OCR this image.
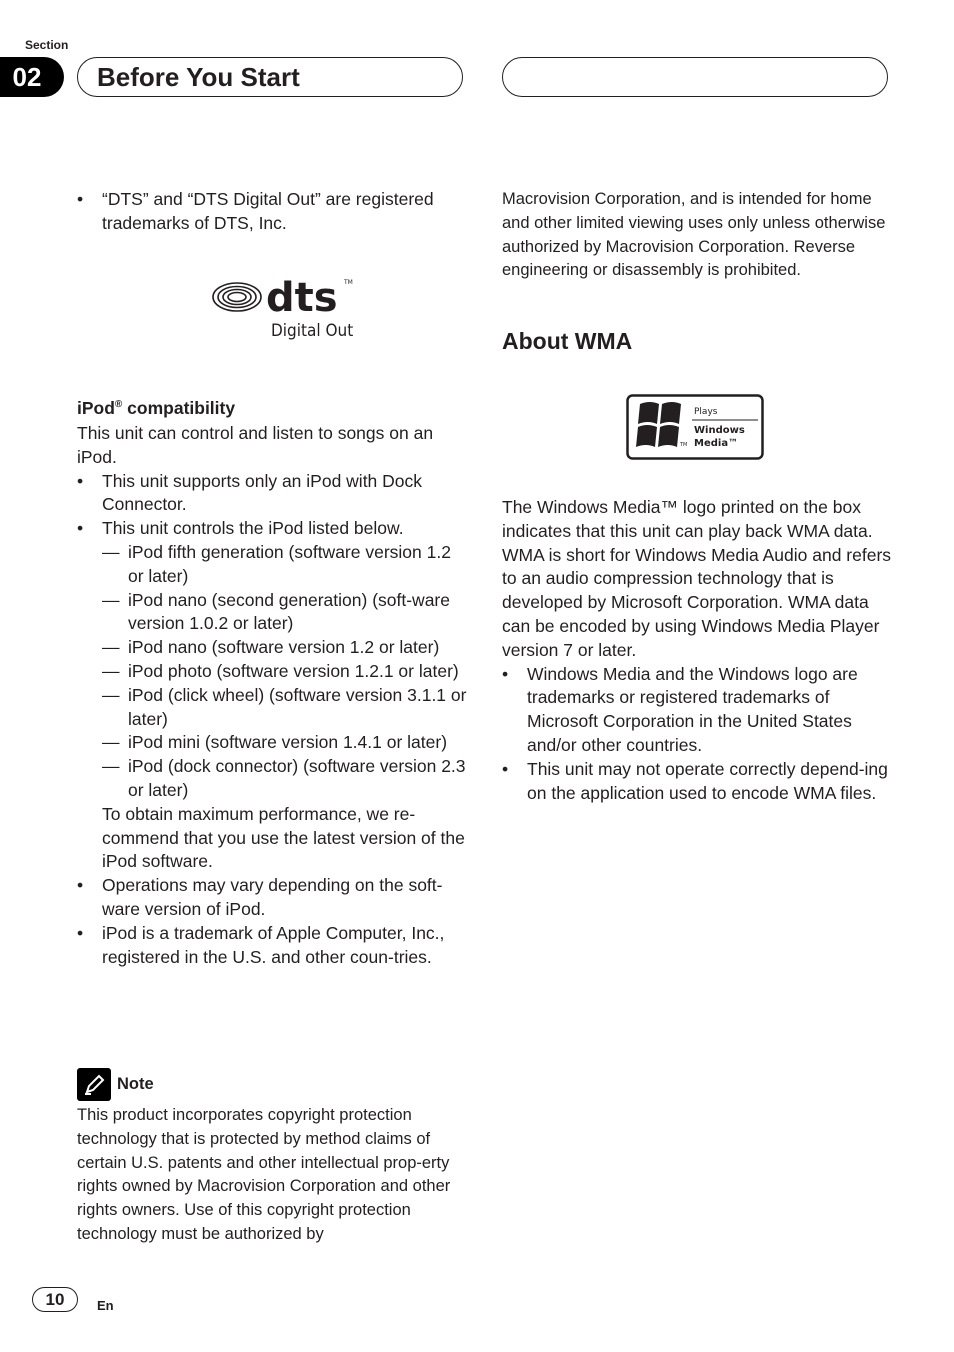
Section
02	Before You Start

• “DTS” and “DTS Digital Out” are registered trademarks of DTS, Inc.

dts TM
Digital Out
iPod® compatibility

This unit can control and listen to songs on an iPod.

• This unit supports only an iPod with Dock Connector.

• This unit controls the iPod listed below.

— iPod fifth generation (software version 1.2 or later)

— iPod nano (second generation) (soft-ware version 1.0.2 or later)

— iPod nano (software version 1.2 or later)

— iPod photo (software version 1.2.1 or later)

— iPod (click wheel) (software version 3.1.1 or later)

— iPod mini (software version 1.4.1 or later)

— iPod (dock connector) (software version 2.3 or later)

To obtain maximum performance, we re-commend that you use the latest version of the iPod software.

• Operations may vary depending on the soft-ware version of iPod.

• iPod is a trademark of Apple Computer, Inc., registered in the U.S. and other coun-tries.

Note
This product incorporates copyright protection technology that is protected by method claims of certain U.S. patents and other intellectual prop-erty rights owned by Macrovision Corporation and other rights owners. Use of this copyright protection technology must be authorized by
Macrovision Corporation, and is intended for home and other limited viewing uses only unless otherwise authorized by Macrovision Corporation. Reverse engineering or disassembly is prohibited.
About WMA
Plays
Windows
Media™
TM

The Windows Media™ logo printed on the box indicates that this unit can play back WMA data.

WMA is short for Windows Media Audio and refers to an audio compression technology that is developed by Microsoft Corporation. WMA data can be encoded by using Windows Media Player version 7 or later.

• Windows Media and the Windows logo are trademarks or registered trademarks of Microsoft Corporation in the United States and/or other countries.

• This unit may not operate correctly depend-ing on the application used to encode WMA files.

10	En
